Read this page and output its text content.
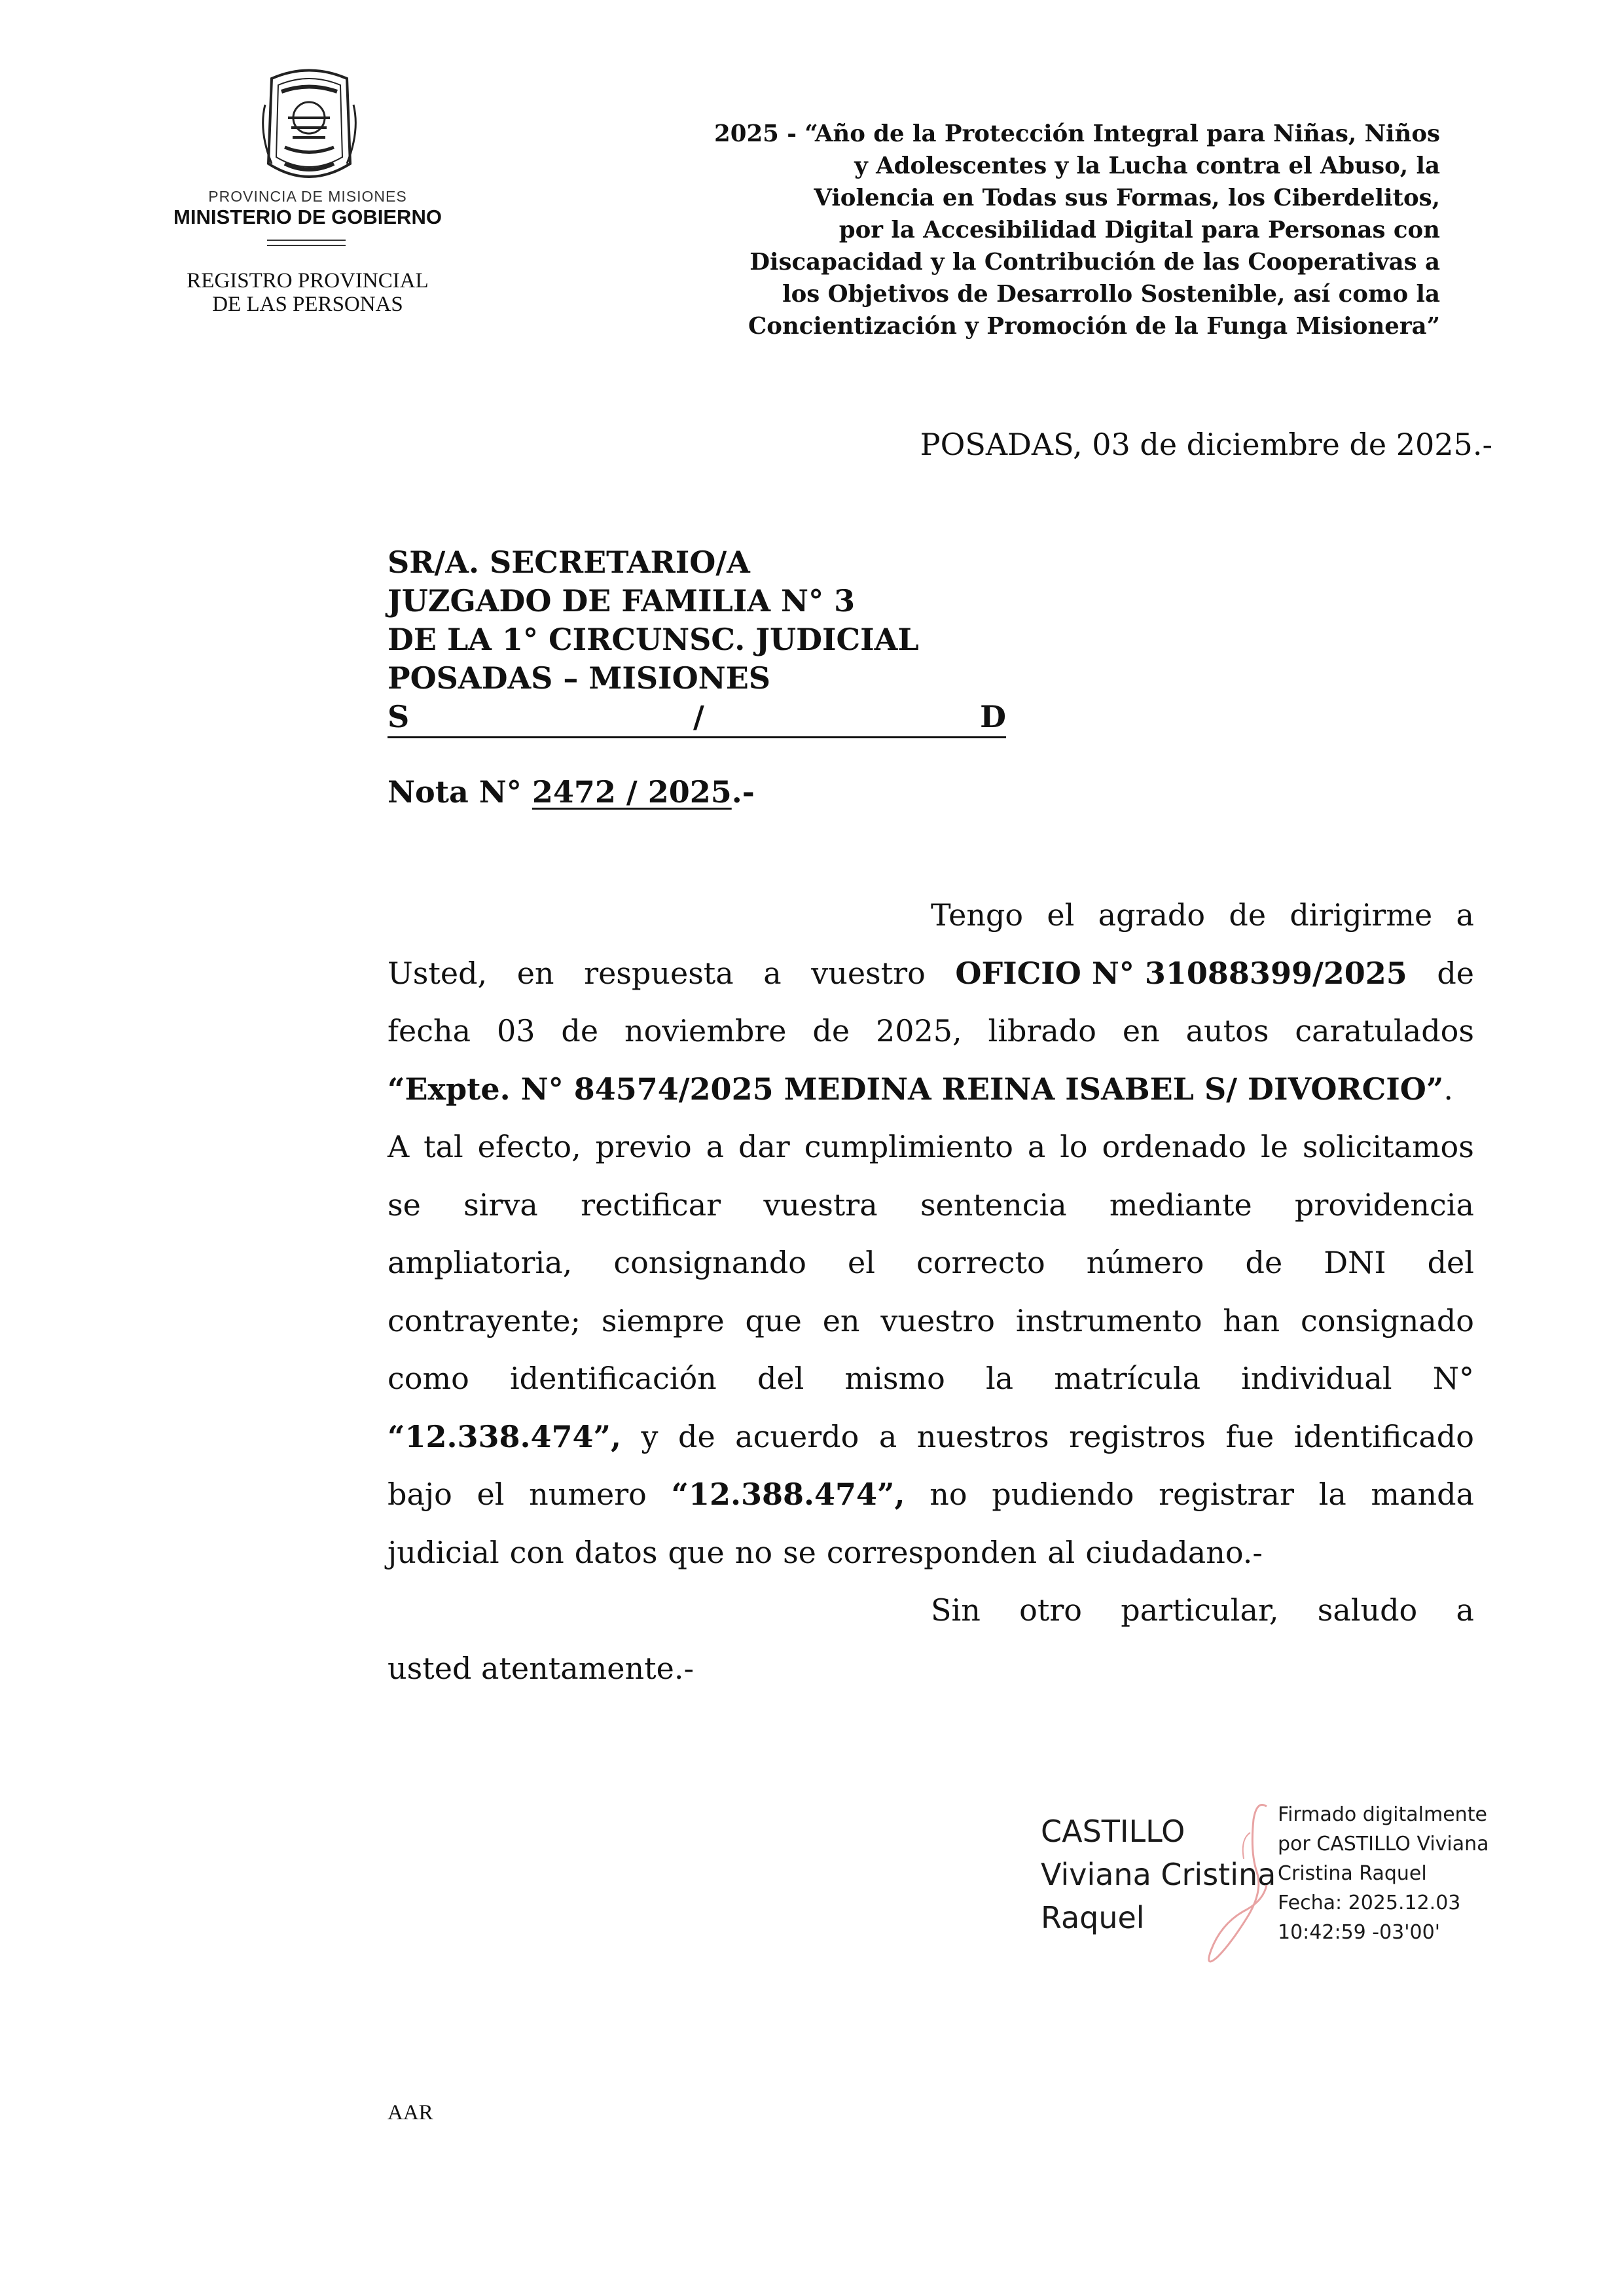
PROVINCIA DE MISIONES
MINISTERIO DE GOBIERNO
REGISTRO PROVINCIAL
DE LAS PERSONAS
2025 - “Año de la Protección Integral para Niñas, Niños
y Adolescentes y la Lucha contra el Abuso, la
Violencia en Todas sus Formas, los Ciberdelitos,
por la Accesibilidad Digital para Personas con
Discapacidad y la Contribución de las Cooperativas a
los Objetivos de Desarrollo Sostenible, así como la
Concientización y Promoción de la Funga Misionera”
POSADAS, 03 de diciembre de 2025.-
SR/A. SECRETARIO/A
JUZGADO DE FAMILIA N° 3
DE LA 1° CIRCUNSC. JUDICIAL
POSADAS – MISIONES
S	/	D
Nota N° 2472 / 2025.-
Tengo el agrado de dirigirme a
Usted, en respuesta a vuestro OFICIO N° 31088399/2025 de
fecha 03 de noviembre de 2025, librado en autos caratulados
“Expte. N° 84574/2025 MEDINA REINA ISABEL S/ DIVORCIO” .
A tal efecto, previo a dar cumplimiento a lo ordenado le solicitamos
se sirva rectificar vuestra sentencia mediante providencia
ampliatoria, consignando el correcto número de DNI del
contrayente; siempre que en vuestro instrumento han consignado
como identificación del mismo la matrícula individual N°
“12.338.474”, y de acuerdo a nuestros registros fue identificado
bajo el numero “12.388.474”, no pudiendo registrar la manda
judicial con datos que no se corresponden al ciudadano.-
Sin otro particular, saludo a
usted atentamente.-
CASTILLO
Viviana Cristina
Raquel
Firmado digitalmente
por CASTILLO Viviana
Cristina Raquel
Fecha: 2025.12.03
10:42:59 -03'00'
AAR
